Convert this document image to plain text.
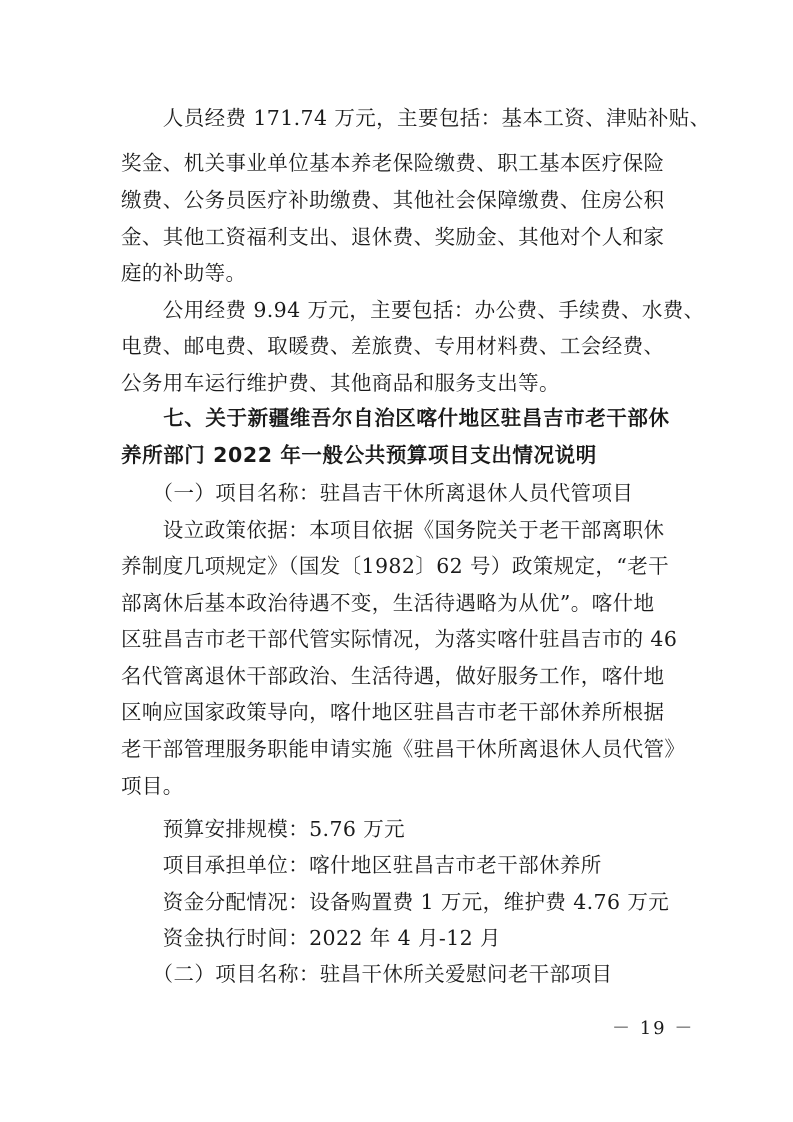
　　人员经费 171.74 万元，主要包括：基本工资、津贴补贴、
奖金、机关事业单位基本养老保险缴费、职工基本医疗保险
缴费、公务员医疗补助缴费、其他社会保障缴费、住房公积
金、其他工资福利支出、退休费、奖励金、其他对个人和家
庭的补助等。
　　公用经费 9.94 万元，主要包括：办公费、手续费、水费、
电费、邮电费、取暖费、差旅费、专用材料费、工会经费、
公务用车运行维护费、其他商品和服务支出等。
　　七、关于新疆维吾尔自治区喀什地区驻昌吉市老干部休
养所部门 2022 年一般公共预算项目支出情况说明
　　（一）项目名称：驻昌吉干休所离退休人员代管项目
　　设立政策依据：本项目依据《国务院关于老干部离职休
养制度几项规定》（国发〔1982〕62 号）政策规定，“老干
部离休后基本政治待遇不变，生活待遇略为从优”。喀什地
区驻昌吉市老干部代管实际情况，为落实喀什驻昌吉市的 46
名代管离退休干部政治、生活待遇，做好服务工作，喀什地
区响应国家政策导向，喀什地区驻昌吉市老干部休养所根据
老干部管理服务职能申请实施《驻昌干休所离退休人员代管》
项目。
　　预算安排规模：5.76 万元
　　项目承担单位：喀什地区驻昌吉市老干部休养所
　　资金分配情况：设备购置费 1 万元，维护费 4.76 万元
　　资金执行时间：2022 年 4 月-12 月
　　（二）项目名称：驻昌干休所关爱慰问老干部项目
－ 19 －
